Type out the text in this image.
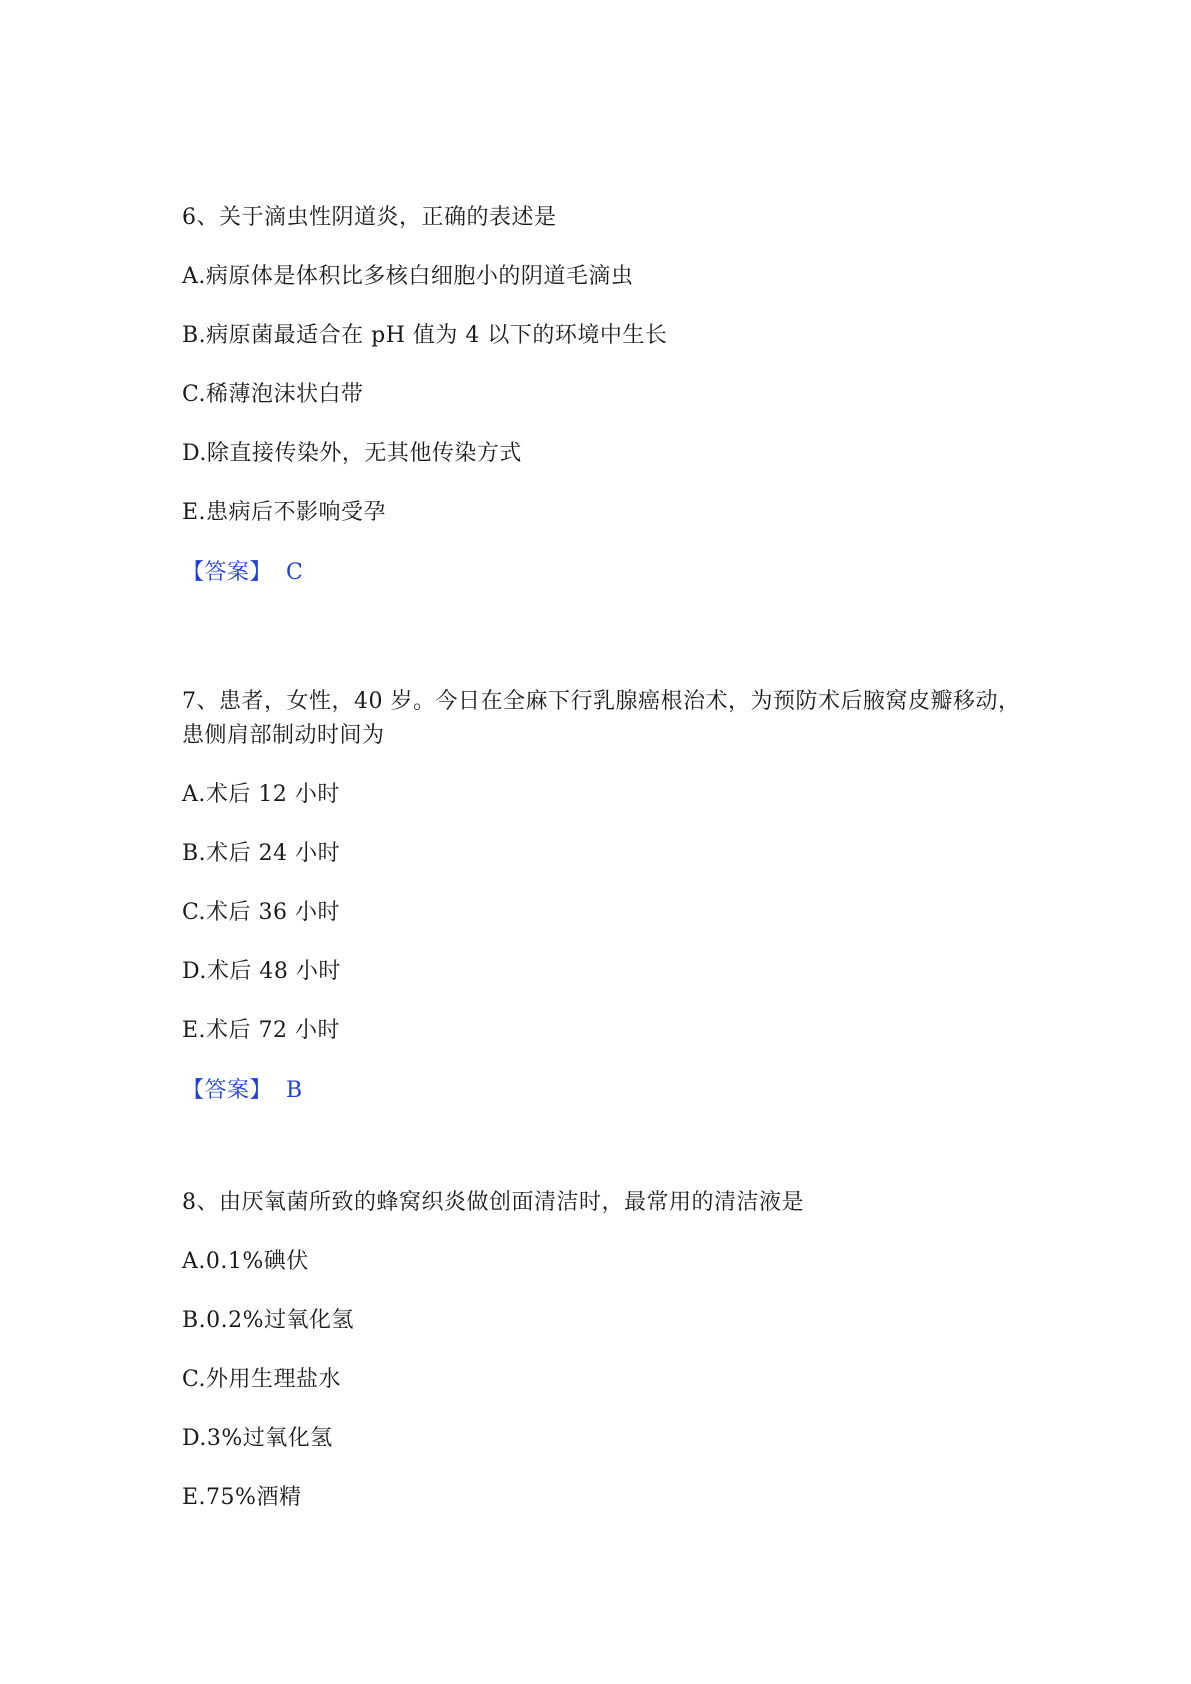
6、关于滴虫性阴道炎，正确的表述是

A.病原体是体积比多核白细胞小的阴道毛滴虫
B.病原菌最适合在 pH 值为 4 以下的环境中生长
C.稀薄泡沫状白带
D.除直接传染外，无其他传染方式
E.患病后不影响受孕
【答案】 C

7、患者，女性，40 岁。今日在全麻下行乳腺癌根治术，为预防术后腋窝皮瓣移动，患侧肩部制动时间为

A.术后 12 小时
B.术后 24 小时
C.术后 36 小时
D.术后 48 小时
E.术后 72 小时
【答案】 B

8、由厌氧菌所致的蜂窝织炎做创面清洁时，最常用的清洁液是

A.0.1%碘伏
B.0.2%过氧化氢
C.外用生理盐水
D.3%过氧化氢
E.75%酒精
